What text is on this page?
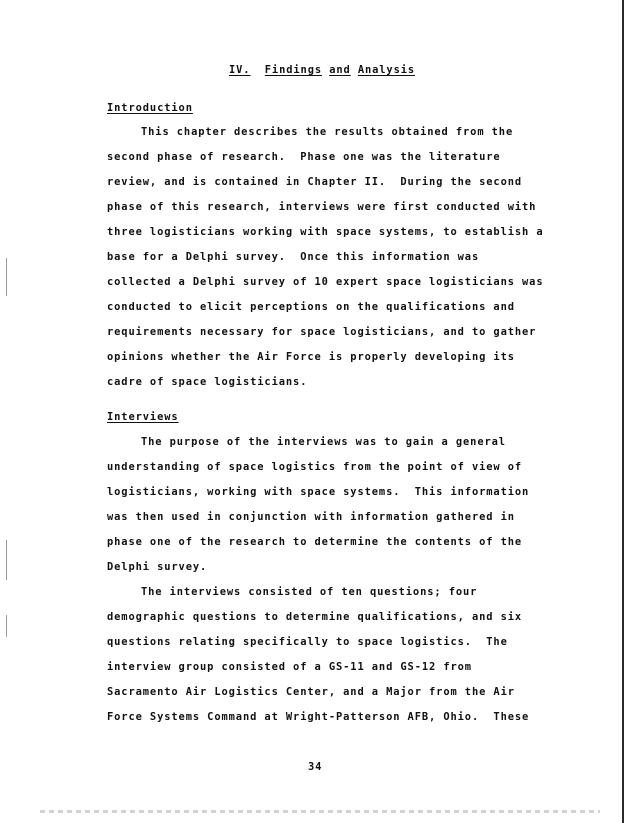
IV. Findings and Analysis
Introduction
This chapter describes the results obtained from the
second phase of research.  Phase one was the literature
review, and is contained in Chapter II.  During the second
phase of this research, interviews were first conducted with
three logisticians working with space systems, to establish a
base for a Delphi survey.  Once this information was
collected a Delphi survey of 10 expert space logisticians was
conducted to elicit perceptions on the qualifications and
requirements necessary for space logisticians, and to gather
opinions whether the Air Force is properly developing its
cadre of space logisticians.
Interviews
The purpose of the interviews was to gain a general
understanding of space logistics from the point of view of
logisticians, working with space systems.  This information
was then used in conjunction with information gathered in
phase one of the research to determine the contents of the
Delphi survey.
The interviews consisted of ten questions; four
demographic questions to determine qualifications, and six
questions relating specifically to space logistics.  The
interview group consisted of a GS-11 and GS-12 from
Sacramento Air Logistics Center, and a Major from the Air
Force Systems Command at Wright-Patterson AFB, Ohio.  These
34
